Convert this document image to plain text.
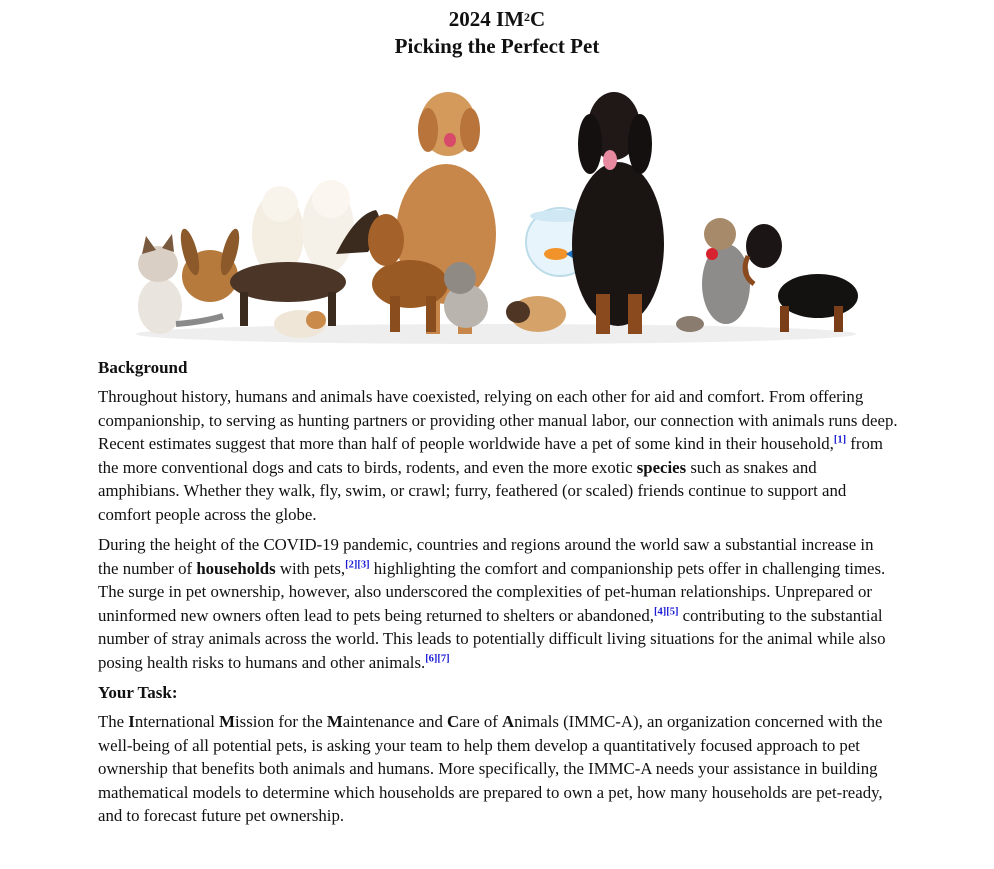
2024 $IM^2C$
Picking the Perfect Pet
Background

Throughout history, humans and animals have coexisted, relying on each other for aid and comfort. From offering companionship, to serving as hunting partners or providing other manual labor, our connection with animals runs deep. Recent estimates suggest that more than half of people worldwide have a pet of some kind in their household,[1] from the more conventional dogs and cats to birds, rodents, and even the more exotic species such as snakes and amphibians. Whether they walk, fly, swim, or crawl; furry, feathered (or scaled) friends continue to support and comfort people across the globe.

During the height of the COVID-19 pandemic, countries and regions around the world saw a substantial increase in the number of households with pets,[2][3] highlighting the comfort and companionship pets offer in challenging times. The surge in pet ownership, however, also underscored the complexities of pet-human relationships. Unprepared or uninformed new owners often lead to pets being returned to shelters or abandoned,[4][5] contributing to the substantial number of stray animals across the world. This leads to potentially difficult living situations for the animal while also posing health risks to humans and other animals.[6][7]

Your Task:

The International Mission for the Maintenance and Care of Animals (IMMC-A), an organization concerned with the well-being of all potential pets, is asking your team to help them develop a quantitatively focused approach to pet ownership that benefits both animals and humans. More specifically, the IMMC-A needs your assistance in building mathematical models to determine which households are prepared to own a pet, how many households are pet-ready, and to forecast future pet ownership.
